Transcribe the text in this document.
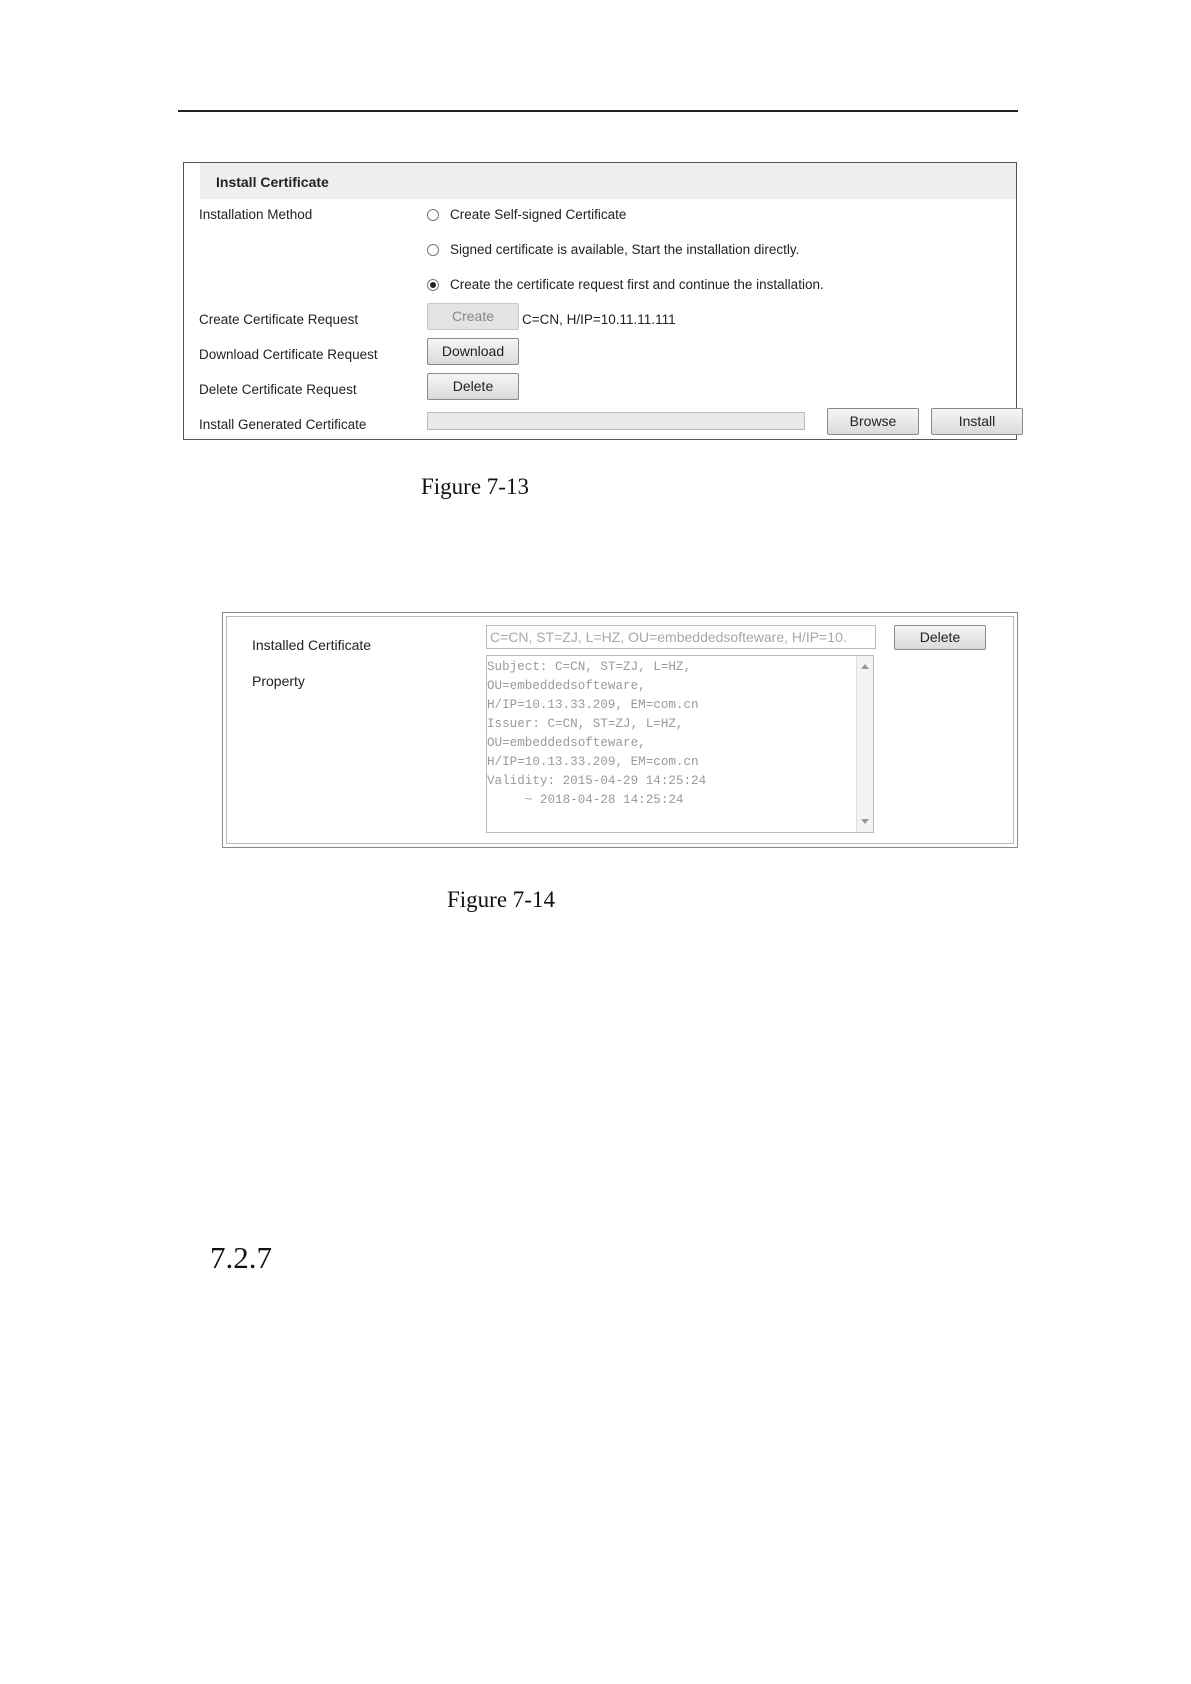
Install Certificate
Installation Method	Create Self-signed Certificate
Signed certificate is available, Start the installation directly.
Create the certificate request first and continue the installation.
Create Certificate Request	Create	C=CN, H/IP=10.11.11.111
Download Certificate Request	Download
Delete Certificate Request	Delete
Install Generated Certificate	Browse	Install
Figure 7-13
Installed Certificate	C=CN, ST=ZJ, L=HZ, OU=embeddedsofteware, H/IP=10.	Delete
Property
Subject: C=CN, ST=ZJ, L=HZ,
OU=embeddedsofteware,
H/IP=10.13.33.209, EM=com.cn
Issuer: C=CN, ST=ZJ, L=HZ,
OU=embeddedsofteware,
H/IP=10.13.33.209, EM=com.cn
Validity: 2015-04-29 14:25:24
~ 2018-04-28 14:25:24
Figure 7-14
7.2.7
